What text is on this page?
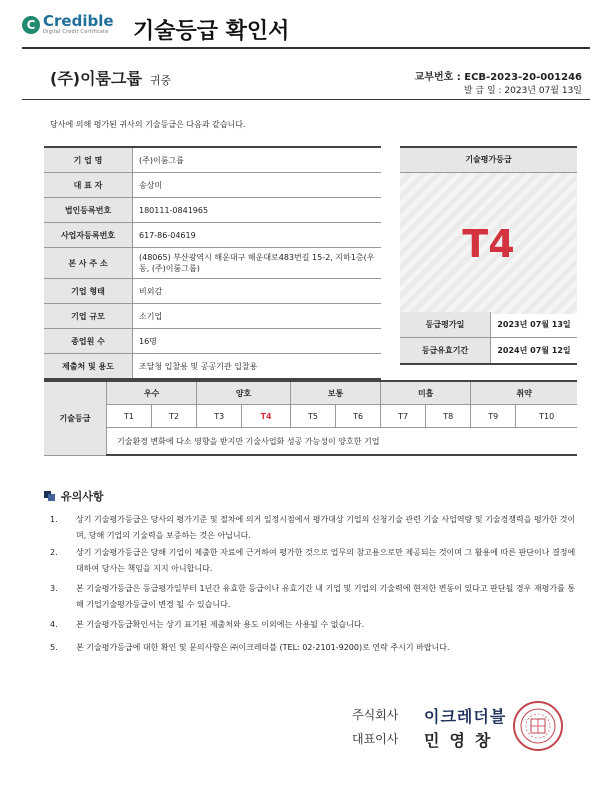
C Credible
Digital Credit Certificate 기술등급 확인서
(주)이룸그룹 귀중	교부번호 : ECB-2023-20-001246
발 급 일 : 2023년 07월 13일
당사에 의해 평가된 귀사의 기술등급은 다음과 같습니다.
기 업 명	(주)이룸그룹
대 표 자	송상미
법인등록번호	180111-0841965
사업자등록번호	617-86-04619
본 사 주 소	(48065) 부산광역시 해운대구 해운대로483번길 15-2, 지하1층(우동, (주)이룸그룹)
기업 형태	비외감
기업 규모	소기업
종업원 수	16명
제출처 및 용도	조달청 입찰용 및 공공기관 입찰용
기술평가등급
T4
등급평가일	2023년 07월 13일
등급유효기간	2024년 07월 12일
기술등급	우수		양호		보통		미흡		취약	
	T1	T2	T3	T4	T5	T6	T7	T8	T9	T10
	기술환경 변화에 다소 영향을 받지만 기술사업화 성공 가능성이 양호한 기업									
유의사항
1.	상기 기술평가등급은 당사의 평가기준 및 절차에 의거 일정시점에서 평가대상 기업의 신청기술 관련 기술 사업역량 및 기술경쟁력을 평가한 것이며, 당해 기업의 기술력을 보증하는 것은 아닙니다.
2.	상기 기술평가등급은 당해 기업이 제출한 자료에 근거하여 평가한 것으로 업무의 참고용으로만 제공되는 것이며 그 활용에 따른 판단이나 결정에 대하여 당사는 책임을 지지 아니합니다.
3.	본 기술평가등급은 등급평가일부터 1년간 유효한 등급이나 유효기간 내 기업 및 기업의 기술력에 현저한 변동이 있다고 판단될 경우 재평가를 통해 기업기술평가등급이 변경 될 수 있습니다.
4.	본 기술평가등급확인서는 상기 표기된 제출처와 용도 이외에는 사용될 수 없습니다.
5.	본 기술평가등급에 대한 확인 및 문의사항은 ㈜이크레더블 (TEL: 02-2101-9200)로 연락 주시기 바랍니다.
주식회사 이크레더블
대표이사 민영창
